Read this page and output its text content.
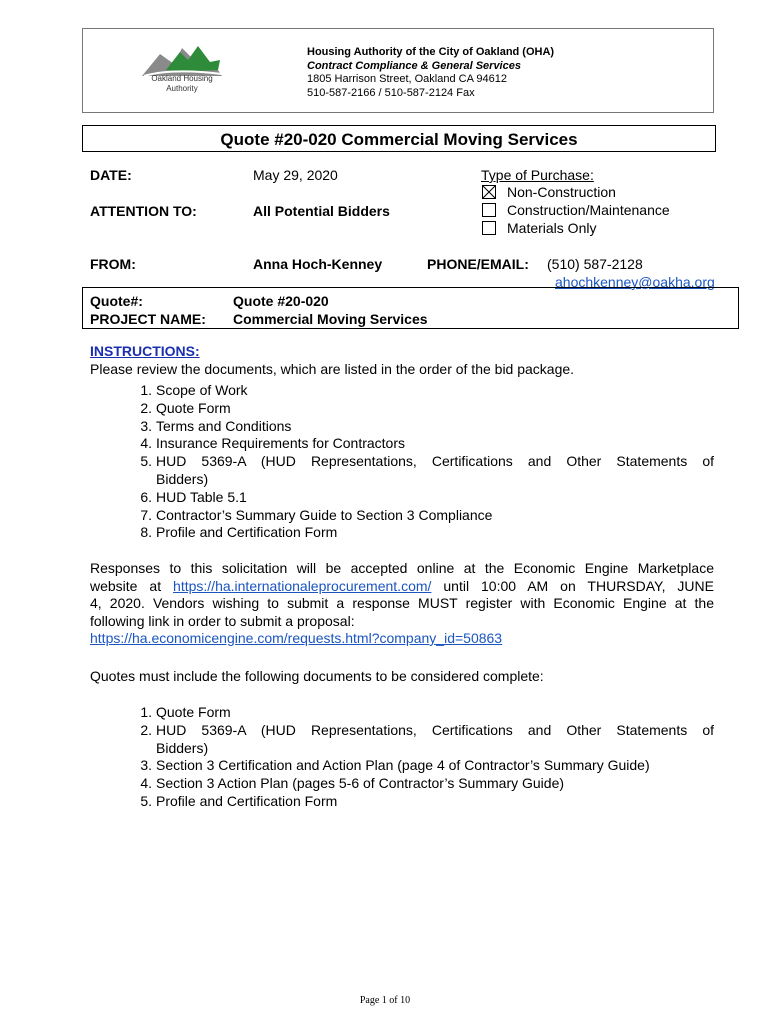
Oakland Housing
Authority
Housing Authority of the City of Oakland (OHA)
Contract Compliance & General Services
1805 Harrison Street, Oakland CA 94612
510-587-2166 / 510-587-2124 Fax
Quote #20-020 Commercial Moving Services
DATE:	May 29, 2020
ATTENTION TO:	All Potential Bidders
Type of Purchase:
Non-Construction
Construction/Maintenance
Materials Only
FROM:	Anna Hoch-Kenney	PHONE/EMAIL: (510) 587-2128
ahochkenney@oakha.org
Quote#:	Quote #20-020
PROJECT NAME: Commercial Moving Services
INSTRUCTIONS:
Please review the documents, which are listed in the order of the bid package.
1. Scope of Work
2. Quote Form
3. Terms and Conditions
4. Insurance Requirements for Contractors
5. HUD 5369-A (HUD Representations, Certifications and Other Statements of
Bidders)
6. HUD Table 5.1
7. Contractor’s Summary Guide to Section 3 Compliance
8. Profile and Certification Form
Responses to this solicitation will be accepted online at the Economic Engine Marketplace
website at https://ha.internationaleprocurement.com/ until 10:00 AM on THURSDAY, JUNE
4, 2020. Vendors wishing to submit a response MUST register with Economic Engine at the
following link in order to submit a proposal:
https://ha.economicengine.com/requests.html?company_id=50863
Quotes must include the following documents to be considered complete:
1. Quote Form
2. HUD 5369-A (HUD Representations, Certifications and Other Statements of
Bidders)
3. Section 3 Certification and Action Plan (page 4 of Contractor’s Summary Guide)
4. Section 3 Action Plan (pages 5-6 of Contractor’s Summary Guide)
5. Profile and Certification Form
Page 1 of 10
